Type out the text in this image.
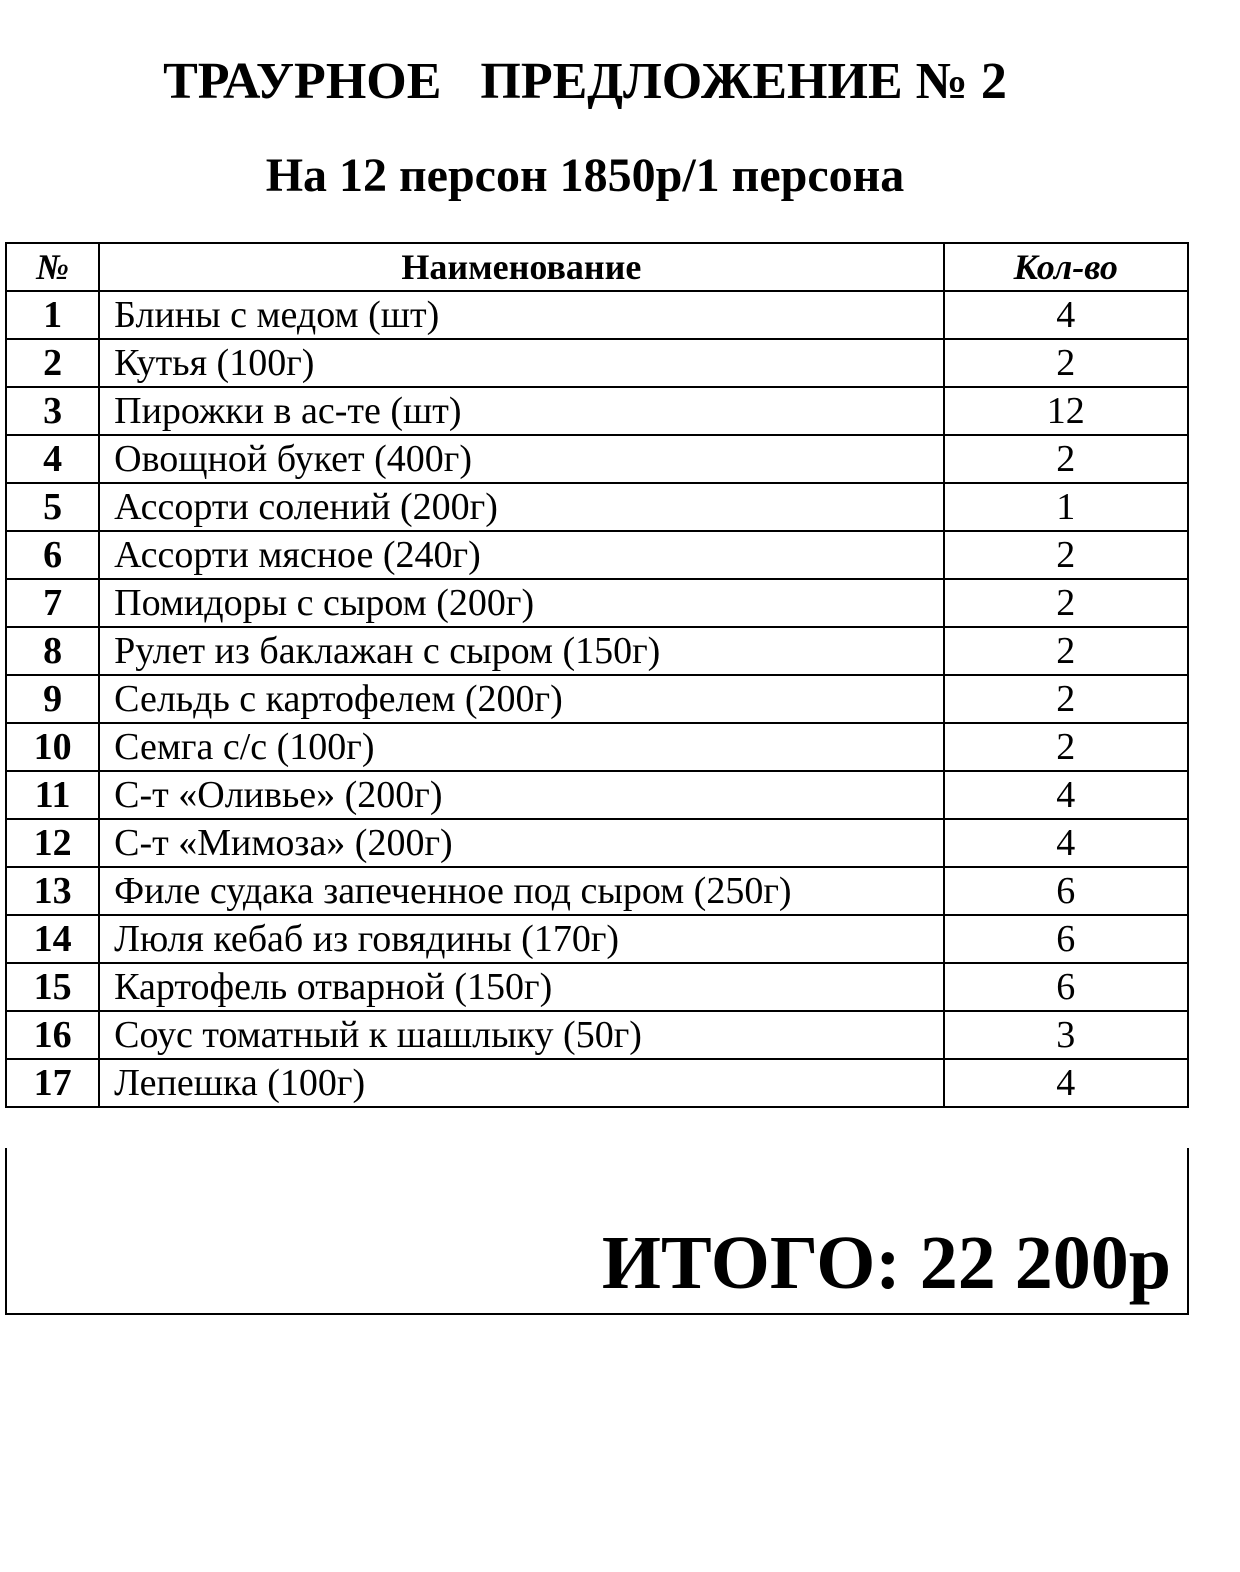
ТРАУРНОЕ   ПРЕДЛОЖЕНИЕ № 2
На 12 персон 1850р/1 персона
№	Наименование	Кол-во
1	Блины с медом (шт)	4
2	Кутья (100г)	2
3	Пирожки в ас-те (шт)	12
4	Овощной букет (400г)	2
5	Ассорти солений (200г)	1
6	Ассорти мясное (240г)	2
7	Помидоры с сыром (200г)	2
8	Рулет из баклажан с сыром (150г)	2
9	Сельдь с картофелем (200г)	2
10	Семга с/с (100г)	2
11	С-т «Оливье» (200г)	4
12	С-т «Мимоза» (200г)	4
13	Филе судака запеченное под сыром (250г)	6
14	Люля кебаб из говядины (170г)	6
15	Картофель отварной (150г)	6
16	Соус томатный к шашлыку (50г)	3
17	Лепешка (100г)	4
ИТОГО: 22 200р
